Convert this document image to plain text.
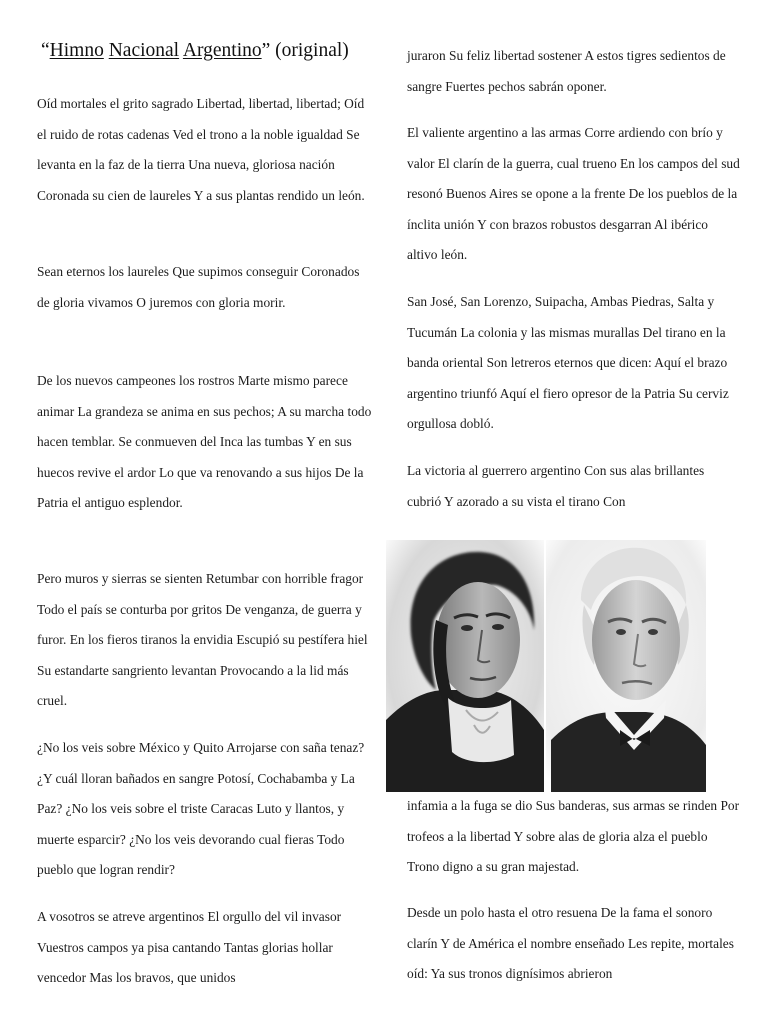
“Himno Nacional Argentino” (original)

Oíd mortales el grito sagrado Libertad, libertad, libertad; Oíd el ruido de rotas cadenas Ved el trono a la noble igualdad Se levanta en la faz de la tierra Una nueva, gloriosa nación Coronada su cien de laureles Y a sus plantas rendido un león.

Sean eternos los laureles Que supimos conseguir Coronados de gloria vivamos O juremos con gloria morir.

De los nuevos campeones los rostros Marte mismo parece animar La grandeza se anima en sus pechos; A su marcha todo hacen temblar. Se conmueven del Inca las tumbas Y en sus huecos revive el ardor Lo que va renovando a sus hijos De la Patria el antiguo esplendor.

Pero muros y sierras se sienten Retumbar con horrible fragor Todo el país se conturba por gritos De venganza, de guerra y furor. En los fieros tiranos la envidia Escupió su pestífera hiel Su estandarte sangriento levantan Provocando a la lid más cruel.

¿No los veis sobre México y Quito Arrojarse con saña tenaz? ¿Y cuál lloran bañados en sangre Potosí, Cochabamba y La Paz? ¿No los veis sobre el triste Caracas Luto y llantos, y muerte esparcir? ¿No los veis devorando cual fieras Todo pueblo que logran rendir?

A vosotros se atreve argentinos El orgullo del vil invasor Vuestros campos ya pisa cantando Tantas glorias hollar vencedor Mas los bravos, que unidos

juraron Su feliz libertad sostener A estos tigres sedientos de sangre Fuertes pechos sabrán oponer.

El valiente argentino a las armas Corre ardiendo con brío y valor El clarín de la guerra, cual trueno En los campos del sud resonó Buenos Aires se opone a la frente De los pueblos de la ínclita unión Y con brazos robustos desgarran Al ibérico altivo león.

San José, San Lorenzo, Suipacha, Ambas Piedras, Salta y Tucumán La colonia y las mismas murallas Del tirano en la banda oriental Son letreros eternos que dicen: Aquí el brazo argentino triunfó Aquí el fiero opresor de la Patria Su cerviz orgullosa dobló.

La victoria al guerrero argentino Con sus alas brillantes cubrió Y azorado a su vista el tirano Con

infamia a la fuga se dio Sus banderas, sus armas se rinden Por trofeos a la libertad Y sobre alas de gloria alza el pueblo Trono digno a su gran majestad.

Desde un polo hasta el otro resuena De la fama el sonoro clarín Y de América el nombre enseñado Les repite, mortales oíd: Ya sus tronos dignísimos abrieron
